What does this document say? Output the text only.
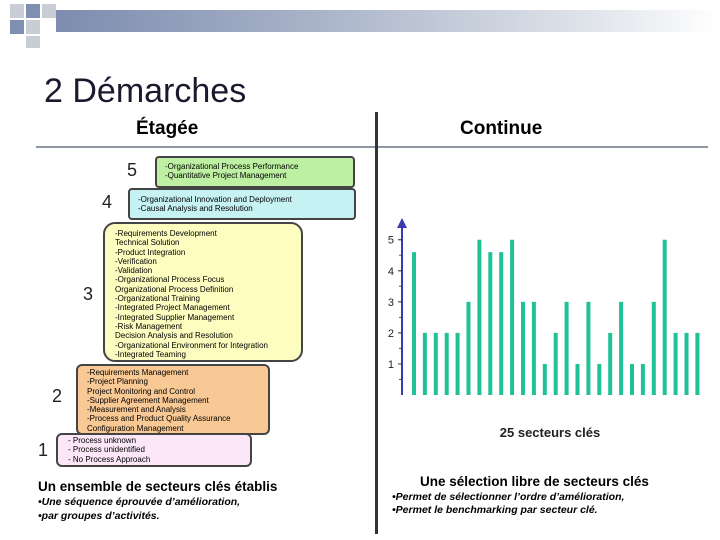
2 Démarches
Étagée	Continue
5
4
3
2
1
-Organizational Process Performance
-Quantitative Project Management
-Organizational Innovation and Deployment
-Causal Analysis and Resolution
-Requirements Development
Technical Solution
-Product Integration
-Verification
-Validation
-Organizational Process Focus
Organizational Process Definition
-Organizational Training
-Integrated Project Management
-Integrated Supplier Management
-Risk Management
Decision Analysis and Resolution
-Organizational Environment for Integration
-Integrated Teaming
-Requirements Management
-Project Planning
Project Monitoring and Control
-Supplier Agreement Management
-Measurement and Analysis
-Process and Product Quality Assurance
Configuration Management
- Process unknown
- Process unidentified
- No Process Approach
Un ensemble de secteurs clés établis
•Une séquence éprouvée d’amélioration,
•par groupes d’activités.
1
2
3
4
5
25 secteurs clés
Une sélection libre de secteurs clés
•Permet de sélectionner l’ordre d’amélioration,
•Permet le benchmarking par secteur clé.
